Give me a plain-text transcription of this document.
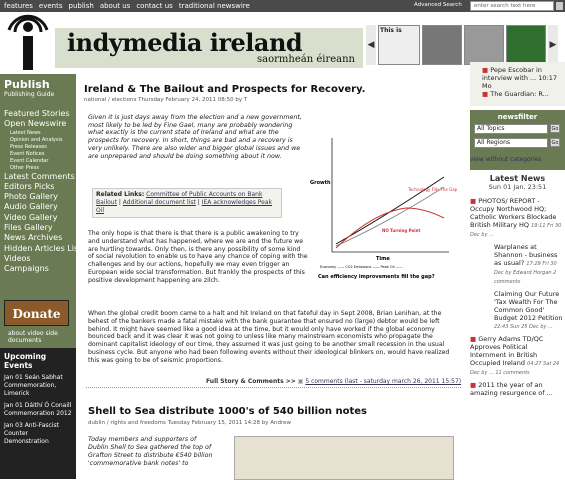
features events publish about us contact us traditional newswire	Advanced Search	enter search text here
indymedia ireland
saormheán éireann
◀
This is
▶
Publish
Publishing Guide
Featured Stories
Open Newswire
Latest News
Opinion and Analysis
Press Releases
Event Notices
Event Calendar
Other Press
Latest Comments
Editors Picks
Photo Gallery
Audio Gallery
Video Gallery
Files Gallery
News Archives
Hidden Articles List
Videos
Campaigns
Donate
about video side documents
Upcoming Events
Jan 01 Seán Sabhat Commemoration, Limerick
Jan 01 Dáithí Ó Conaill Commemoration 2012
Jan 03 Anti-Fascist Counter Demonstration
Ireland & The Bailout and Prospects for Recovery.
national / elections Thursday February 24, 2011 08:50 by T
Given it is just days away from the election and a new government, most likely to be led by Fine Gael, many are probably wondering what exactly is the current state of Ireland and what are the prospects for recovery. In short, things are bad and a recovery is very unlikely. There are also wider and bigger global issues and we are unprepared and should be doing something about it now.
Related Links: Committee of Public Accounts on Bank Bailout | Additional document list | IEA acknowledges Peak Oil
Growth
Technology Fills The Gap
NO Turning Point
Time
Economy —— CO2 Emissions —— Peak Oil ——
Can efficiency improvements fill the gap?
The only hope is that there is that there is a public awakening to try and understand what has happened, where we are and the future we are hurtling towards. Only then, is there any possibility of some kind of social revolution to enable us to have any chance of coping with the challenges and by our actions, hopefully we may even trigger an European wide social transformation. But frankly the prospects of this positive development happening are zilch.
When the global credit boom came to a halt and hit Ireland on that fateful day in Sept 2008, Brian Lenihan, at the behest of the bankers made a fatal mistake with the bank guarantee that ensured no (large) debtor would be left behind. It might have seemed like a good idea at the time, but it would only have worked if the global economy bounced back and it was clear it was not going to unless like many mainstream economists who propagate the dominant capitalist ideology of our time, they assumed it was just going to be another small recession in the usual business cycle. But anyone who had been following events without their ideological blinkers on, would have realized this was going to be of seismic proportions.
Full Story & Comments >> ▣ 5 comments (last - saturday march 26, 2011 15:57)
Shell to Sea distribute 1000's of 540 billion notes
dublin / rights and freedoms Tuesday February 15, 2011 14:28 by Andrew
Today members and supporters of Dublin Shell to Sea gathered the top of Grafton Street to distribute €540 billion 'commemorative bank notes' to
■ Pepe Escobar in interview with ... 10:17 Mo
■ The Guardian: R...
newsfilter
All Topics	Go
All Regions	Go
view without categories
Latest News
Sun 01 Jan, 23:51
■ PHOTOS/ REPORT - Occupy Northwood HQ; Catholic Workers Blockade British Military HQ 19:11 Fri 30 Dec by ...
Warplanes at Shannon - business as usual? 17:29 Fri 30 Dec by Edward Horgan 2 comments
Claiming Our Future 'Tax Wealth For The Common Good' Budget 2012 Petition 22:43 Sun 25 Dec by ...
■ Gerry Adams TD/QC Approves Political Internment in British Occupied Ireland 04:27 Sat 24 Dec by ... 11 comments
■ 2011 the year of an amazing resurgence of ...
